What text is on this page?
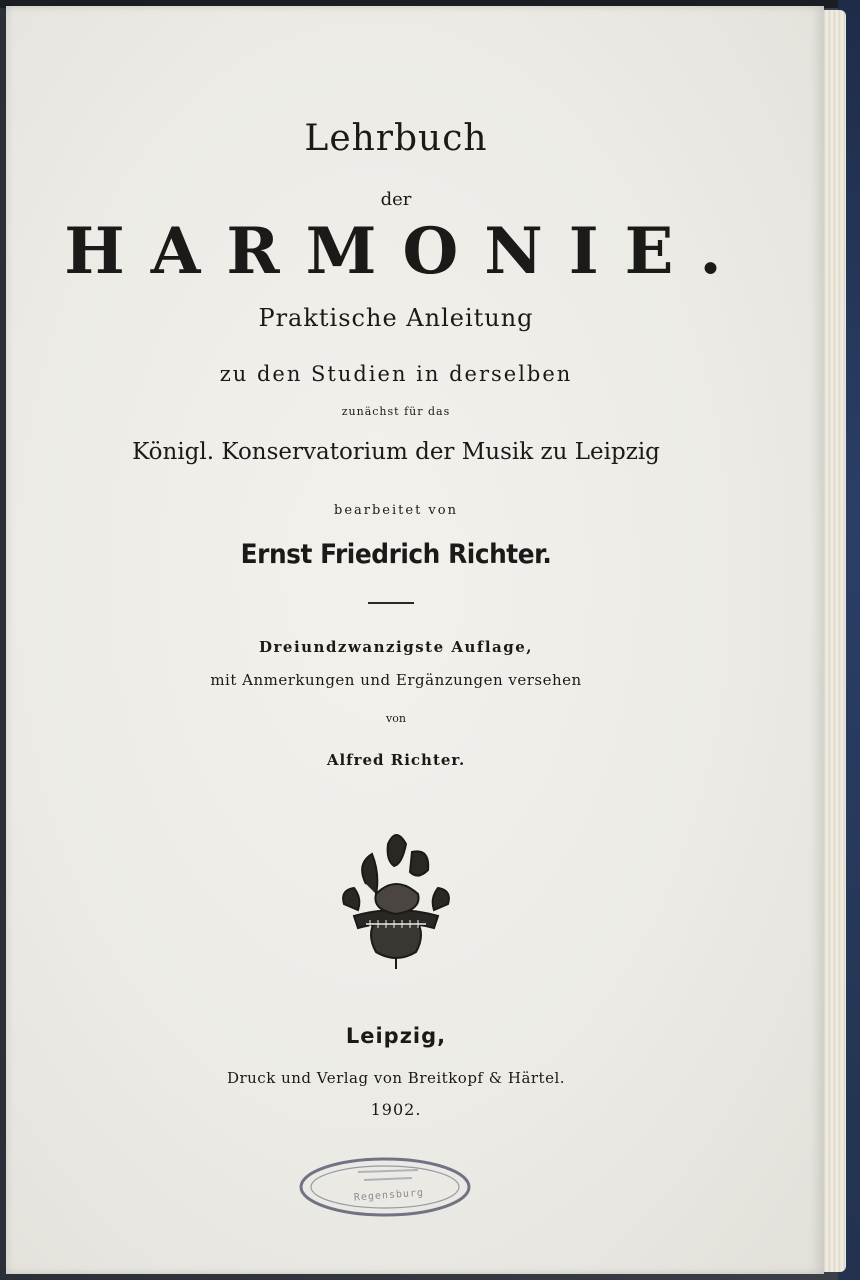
Lehrbuch
der
HARMONIE.
Praktische Anleitung
zu den Studien in derselben
zunächst für das
Königl. Konservatorium der Musik zu Leipzig
bearbeitet von
Ernst Friedrich Richter.
Dreiundzwanzigste Auflage,
mit Anmerkungen und Ergänzungen versehen
von
Alfred Richter.
Leipzig,
Druck und Verlag von Breitkopf & Härtel.
1902.
Regensburg
